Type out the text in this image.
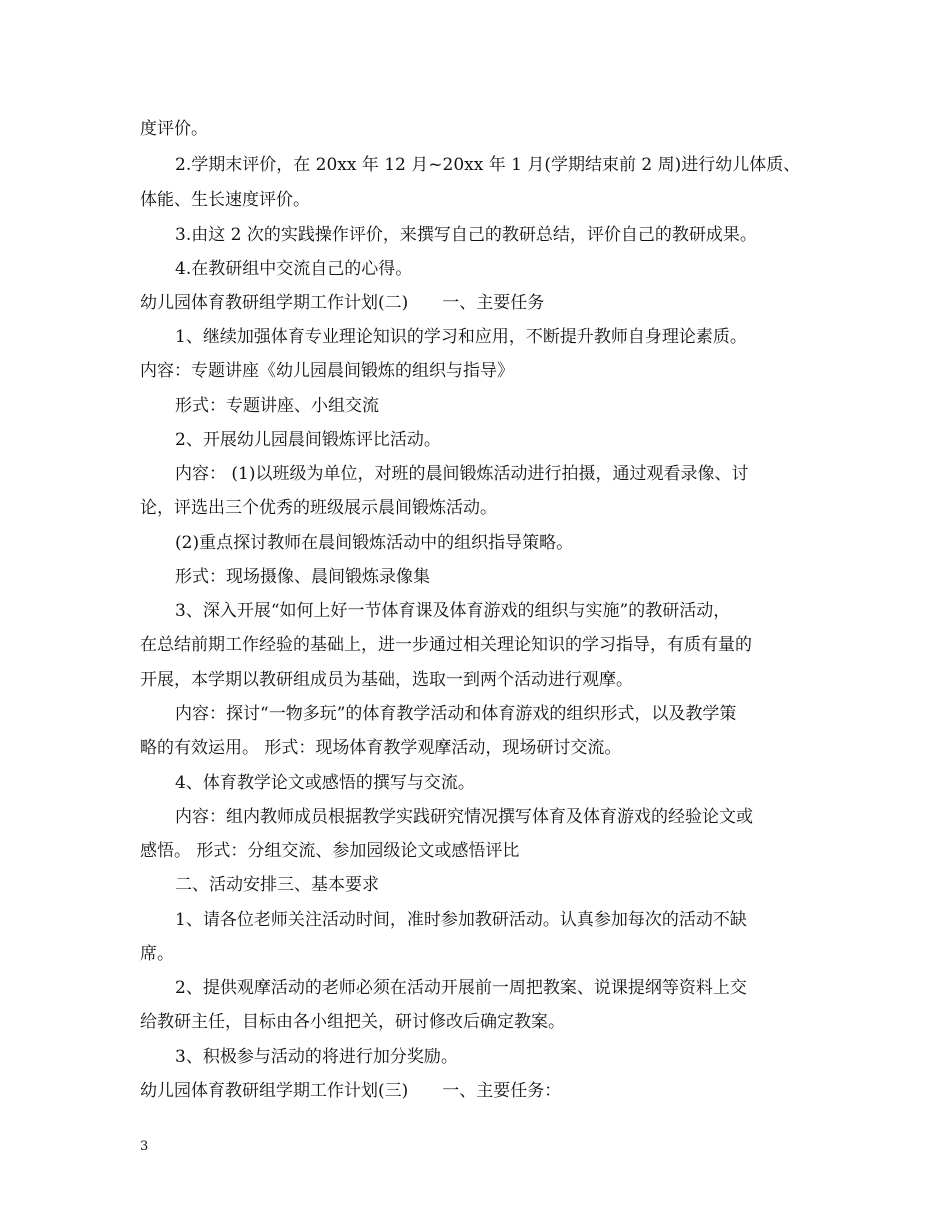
度评价。
2.学期末评价，在 20xx 年 12 月~20xx 年 1 月(学期结束前 2 周)进行幼儿体质、
体能、生长速度评价。
3.由这 2 次的实践操作评价，来撰写自己的教研总结，评价自己的教研成果。
4.在教研组中交流自己的心得。
幼儿园体育教研组学期工作计划(二)　　一、主要任务
1、继续加强体育专业理论知识的学习和应用，不断提升教师自身理论素质。
内容：专题讲座《幼儿园晨间锻炼的组织与指导》
形式：专题讲座、小组交流
2、开展幼儿园晨间锻炼评比活动。
内容： (1)以班级为单位，对班的晨间锻炼活动进行拍摄，通过观看录像、讨
论，评选出三个优秀的班级展示晨间锻炼活动。
(2)重点探讨教师在晨间锻炼活动中的组织指导策略。
形式：现场摄像、晨间锻炼录像集
3、深入开展“如何上好一节体育课及体育游戏的组织与实施”的教研活动，
在总结前期工作经验的基础上，进一步通过相关理论知识的学习指导，有质有量的
开展，本学期以教研组成员为基础，选取一到两个活动进行观摩。
内容：探讨“一物多玩”的体育教学活动和体育游戏的组织形式，以及教学策
略的有效运用。 形式：现场体育教学观摩活动，现场研讨交流。
4、体育教学论文或感悟的撰写与交流。
内容：组内教师成员根据教学实践研究情况撰写体育及体育游戏的经验论文或
感悟。 形式：分组交流、参加园级论文或感悟评比
二、活动安排三、基本要求
1、请各位老师关注活动时间，准时参加教研活动。认真参加每次的活动不缺
席。
2、提供观摩活动的老师必须在活动开展前一周把教案、说课提纲等资料上交
给教研主任，目标由各小组把关，研讨修改后确定教案。
3、积极参与活动的将进行加分奖励。
幼儿园体育教研组学期工作计划(三)　　一、主要任务：
3
